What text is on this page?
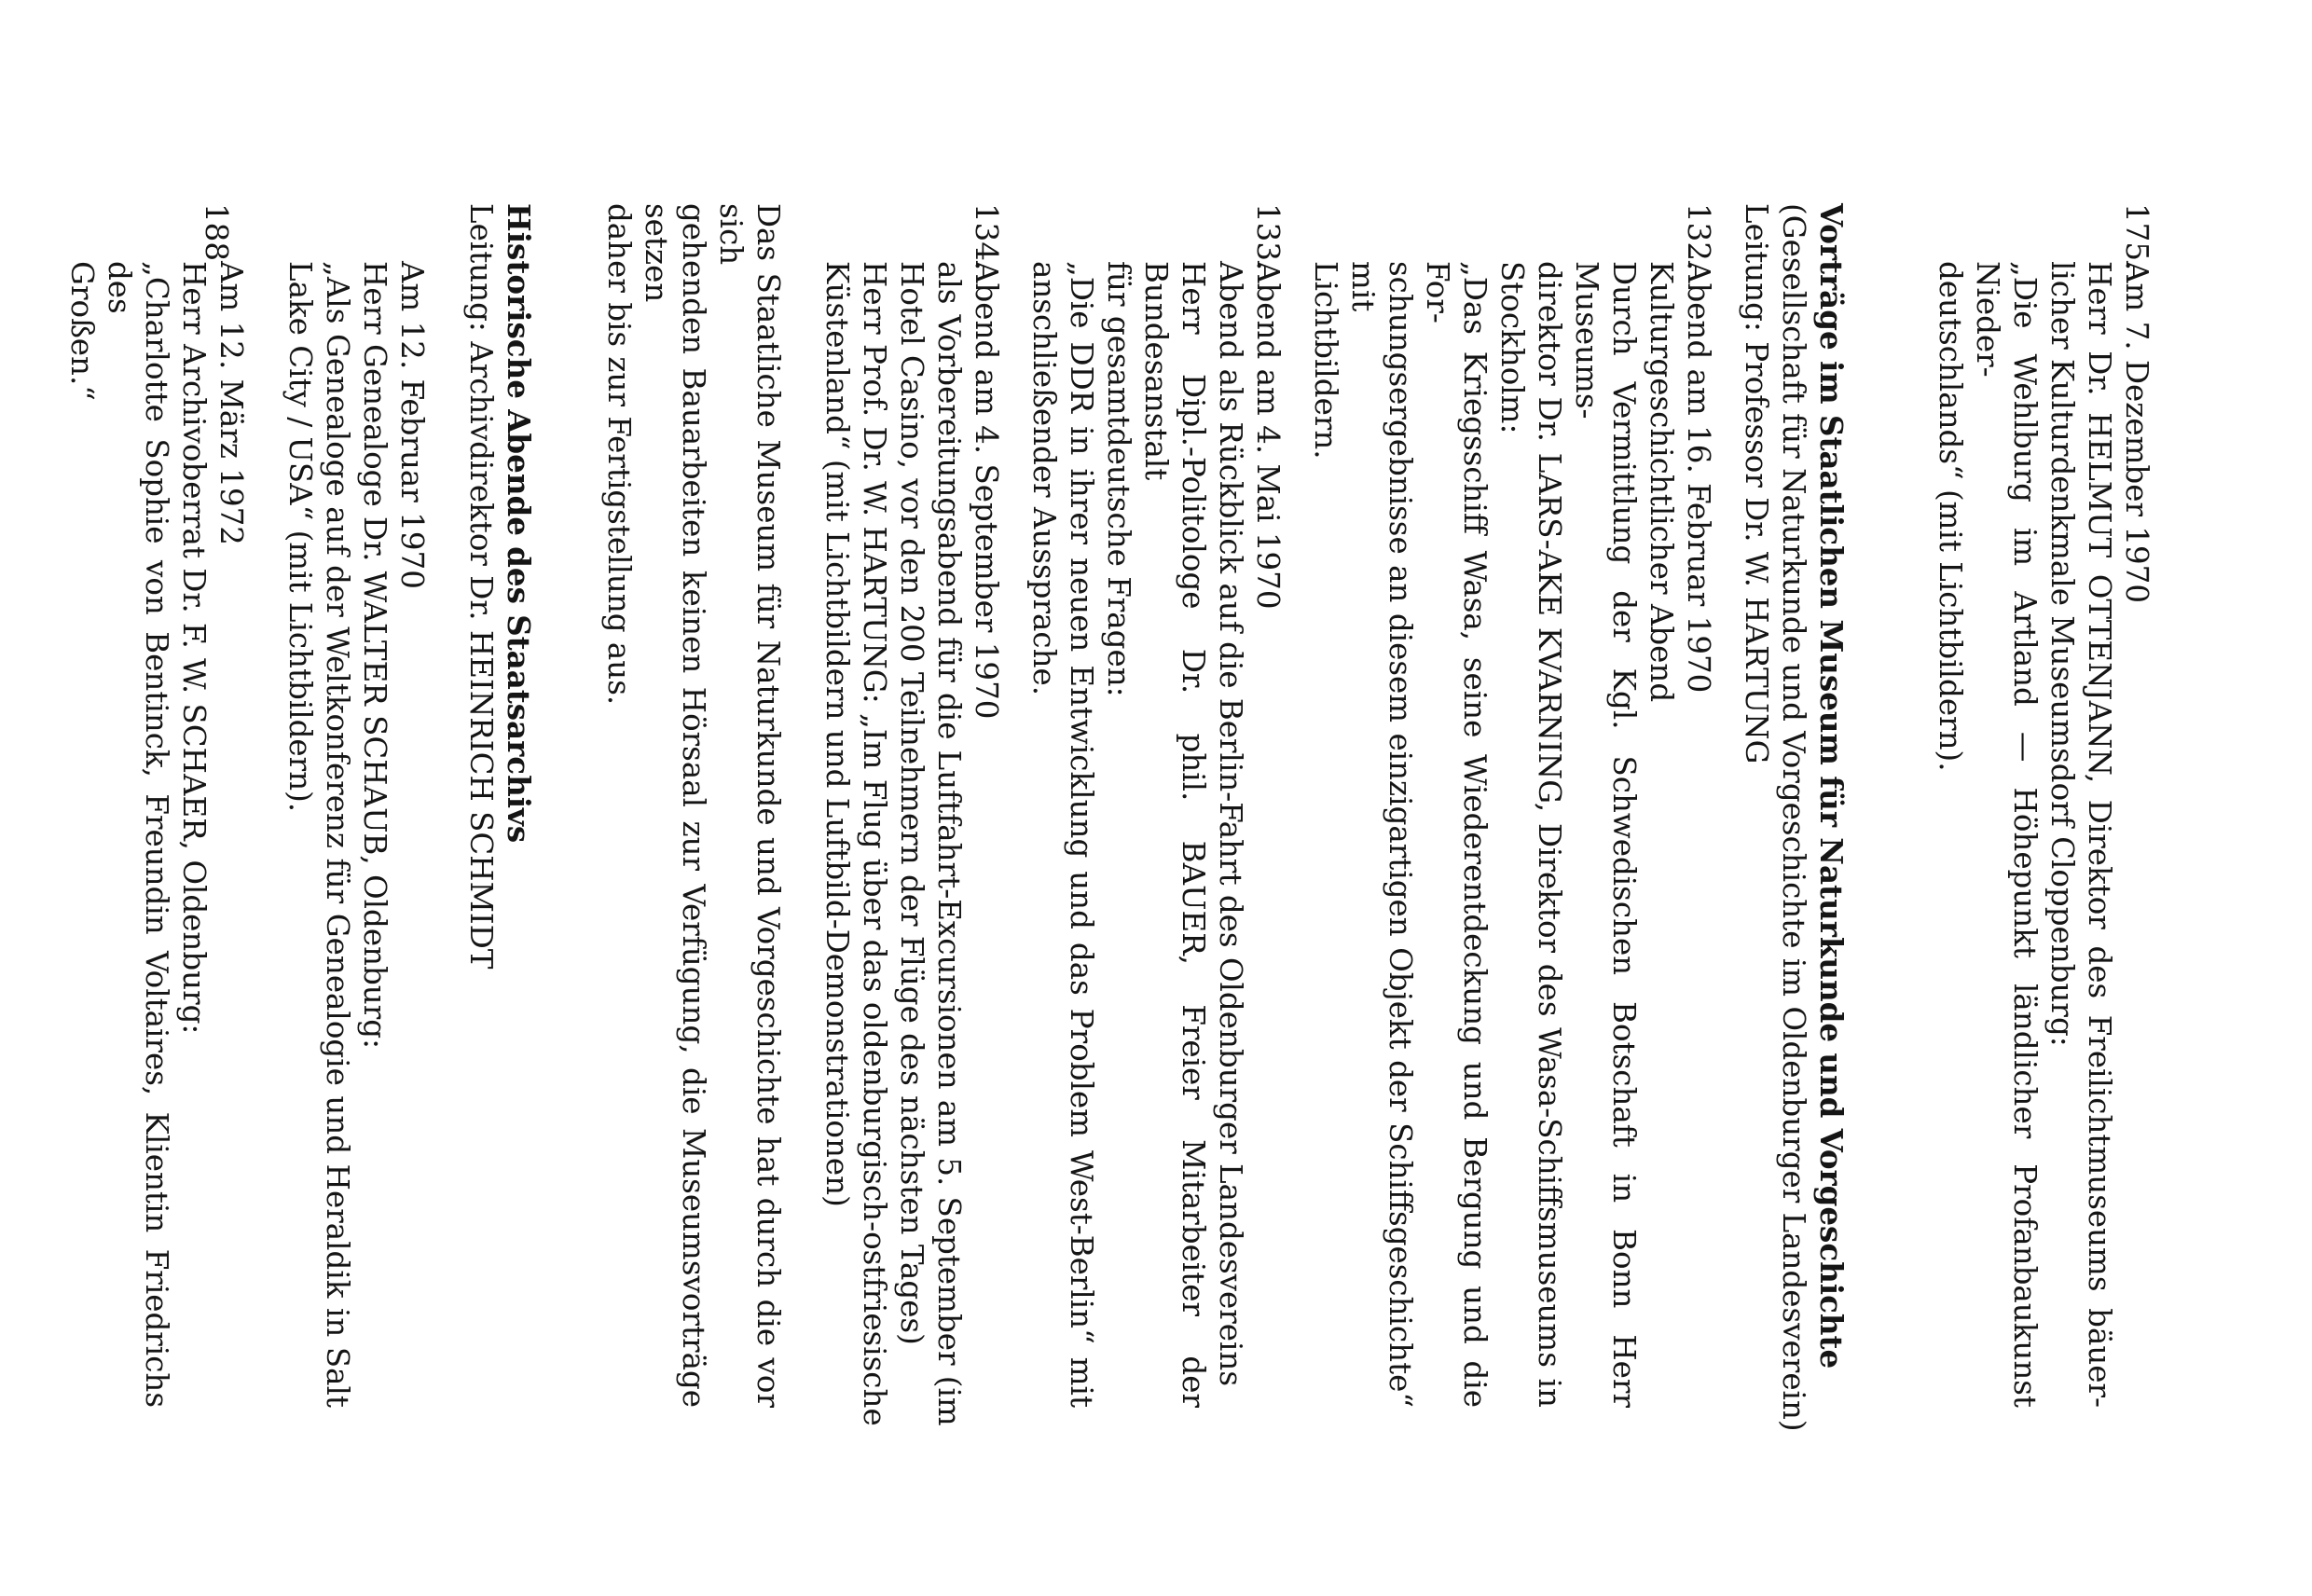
175.
Am 7. Dezember 1970
Herr Dr. HELMUT OTTENJANN, Direktor des Freilichtmuseums bäuer-
licher Kulturdenkmale Museumsdorf Cloppenburg:
„Die Wehlburg im Artland — Höhepunkt ländlicher Profanbaukunst Nieder-
deutschlands“ (mit Lichtbildern).
Vorträge im Staatlichen Museum für Naturkunde und Vorgeschichte
(Gesellschaft für Naturkunde und Vorgeschichte im Oldenburger Landesverein)
Leitung: Professor Dr. W. HARTUNG
132.
Abend am 16. Februar 1970
Kulturgeschichtlicher Abend
Durch Vermittlung der Kgl. Schwedischen Botschaft in Bonn Herr Museums-
direktor Dr. LARS-AKE KVARNING, Direktor des Wasa-Schiffsmuseums in
Stockholm:
„Das Kriegsschiff Wasa, seine Wiederentdeckung und Bergung und die For-
schungsergebnisse an diesem einzigartigen Objekt der Schiffsgeschichte“ mit
Lichtbildern.
133.
Abend am 4. Mai 1970
Abend als Rückblick auf die Berlin-Fahrt des Oldenburger Landesvereins
Herr Dipl.-Politologe Dr. phil. BAUER, Freier Mitarbeiter der Bundesanstalt
für gesamtdeutsche Fragen:
„Die DDR in ihrer neuen Entwicklung und das Problem West-Berlin“ mit
anschließender Aussprache.
134.
Abend am 4. September 1970
als Vorbereitungsabend für die Luftfahrt-Excursionen am 5. September (im
Hotel Casino, vor den 200 Teilnehmern der Flüge des nächsten Tages)
Herr Prof. Dr. W. HARTUNG: „Im Flug über das oldenburgisch-ostfriesische
Küstenland“ (mit Lichtbildern und Luftbild-Demonstrationen)
Das Staatliche Museum für Naturkunde und Vorgeschichte hat durch die vor sich
gehenden Bauarbeiten keinen Hörsaal zur Verfügung, die Museumsvorträge setzen
daher bis zur Fertigstellung aus.
Historische Abende des Staatsarchivs
Leitung: Archivdirektor Dr. HEINRICH SCHMIDT
Am 12. Februar 1970
Herr Genealoge Dr. WALTER SCHAUB, Oldenburg:
„Als Genealoge auf der Weltkonferenz für Genealogie und Heraldik in Salt
Lake City / USA“ (mit Lichtbildern).
Am 12. März 1972
Herr Archivoberrat Dr. F. W. SCHAER, Oldenburg:
„Charlotte Sophie von Bentinck, Freundin Voltaires, Klientin Friedrichs des
Großen.“
188
